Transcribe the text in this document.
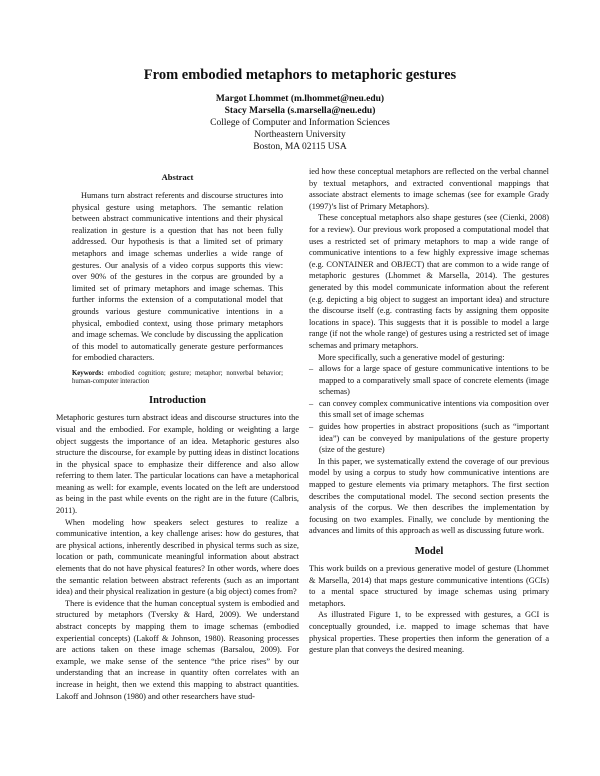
From embodied metaphors to metaphoric gestures
Margot Lhommet (m.lhommet@neu.edu)
Stacy Marsella (s.marsella@neu.edu)
College of Computer and Information Sciences
Northeastern University
Boston, MA 02115 USA
Abstract

Humans turn abstract referents and discourse structures into physical gesture using metaphors. The semantic relation between abstract communicative intentions and their physical realization in gesture is a question that has not been fully addressed. Our hypothesis is that a limited set of primary metaphors and image schemas underlies a wide range of gestures. Our analysis of a video corpus supports this view: over 90% of the gestures in the corpus are grounded by a limited set of primary metaphors and image schemas. This further informs the extension of a computational model that grounds various gesture communicative intentions in a physical, embodied context, using those primary metaphors and image schemas. We conclude by discussing the application of this model to automatically generate gesture performances for embodied characters.

Keywords: embodied cognition; gesture; metaphor; nonverbal behavior; human-computer interaction
Introduction

Metaphoric gestures turn abstract ideas and discourse structures into the visual and the embodied. For example, holding or weighting a large object suggests the importance of an idea. Metaphoric gestures also structure the discourse, for example by putting ideas in distinct locations in the physical space to emphasize their difference and also allow referring to them later. The particular locations can have a metaphorical meaning as well: for example, events located on the left are understood as being in the past while events on the right are in the future (Calbris, 2011).

When modeling how speakers select gestures to realize a communicative intention, a key challenge arises: how do gestures, that are physical actions, inherently described in physical terms such as size, location or path, communicate meaningful information about abstract elements that do not have physical features? In other words, where does the semantic relation between abstract referents (such as an important idea) and their physical realization in gesture (a big object) comes from?

There is evidence that the human conceptual system is embodied and structured by metaphors (Tversky & Hard, 2009). We understand abstract concepts by mapping them to image schemas (embodied experiential concepts) (Lakoff & Johnson, 1980). Reasoning processes are actions taken on these image schemas (Barsalou, 2009). For example, we make sense of the sentence “the price rises” by our understanding that an increase in quantity often correlates with an increase in height, then we extend this mapping to abstract quantities. Lakoff and Johnson (1980) and other researchers have stud-

ied how these conceptual metaphors are reflected on the verbal channel by textual metaphors, and extracted conventional mappings that associate abstract elements to image schemas (see for example Grady (1997)’s list of Primary Metaphors).

These conceptual metaphors also shape gestures (see (Cienki, 2008) for a review). Our previous work proposed a computational model that uses a restricted set of primary metaphors to map a wide range of communicative intentions to a few highly expressive image schemas (e.g. CONTAINER and OBJECT) that are common to a wide range of metaphoric gestures (Lhommet & Marsella, 2014). The gestures generated by this model communicate information about the referent (e.g. depicting a big object to suggest an important idea) and structure the discourse itself (e.g. contrasting facts by assigning them opposite locations in space). This suggests that it is possible to model a large range (if not the whole range) of gestures using a restricted set of image schemas and primary metaphors.

More specifically, such a generative model of gesturing:

– allows for a large space of gesture communicative intentions to be mapped to a comparatively small space of concrete elements (image schemas)
– can convey complex communicative intentions via composition over this small set of image schemas
– guides how properties in abstract propositions (such as “important idea”) can be conveyed by manipulations of the gesture property (size of the gesture)

In this paper, we systematically extend the coverage of our previous model by using a corpus to study how communicative intentions are mapped to gesture elements via primary metaphors. The first section describes the computational model. The second section presents the analysis of the corpus. We then describes the implementation by focusing on two examples. Finally, we conclude by mentioning the advances and limits of this approach as well as discussing future work.

Model

This work builds on a previous generative model of gesture (Lhommet & Marsella, 2014) that maps gesture communicative intentions (GCIs) to a mental space structured by image schemas using primary metaphors.

As illustrated Figure 1, to be expressed with gestures, a GCI is conceptually grounded, i.e. mapped to image schemas that have physical properties. These properties then inform the generation of a gesture plan that conveys the desired meaning.
